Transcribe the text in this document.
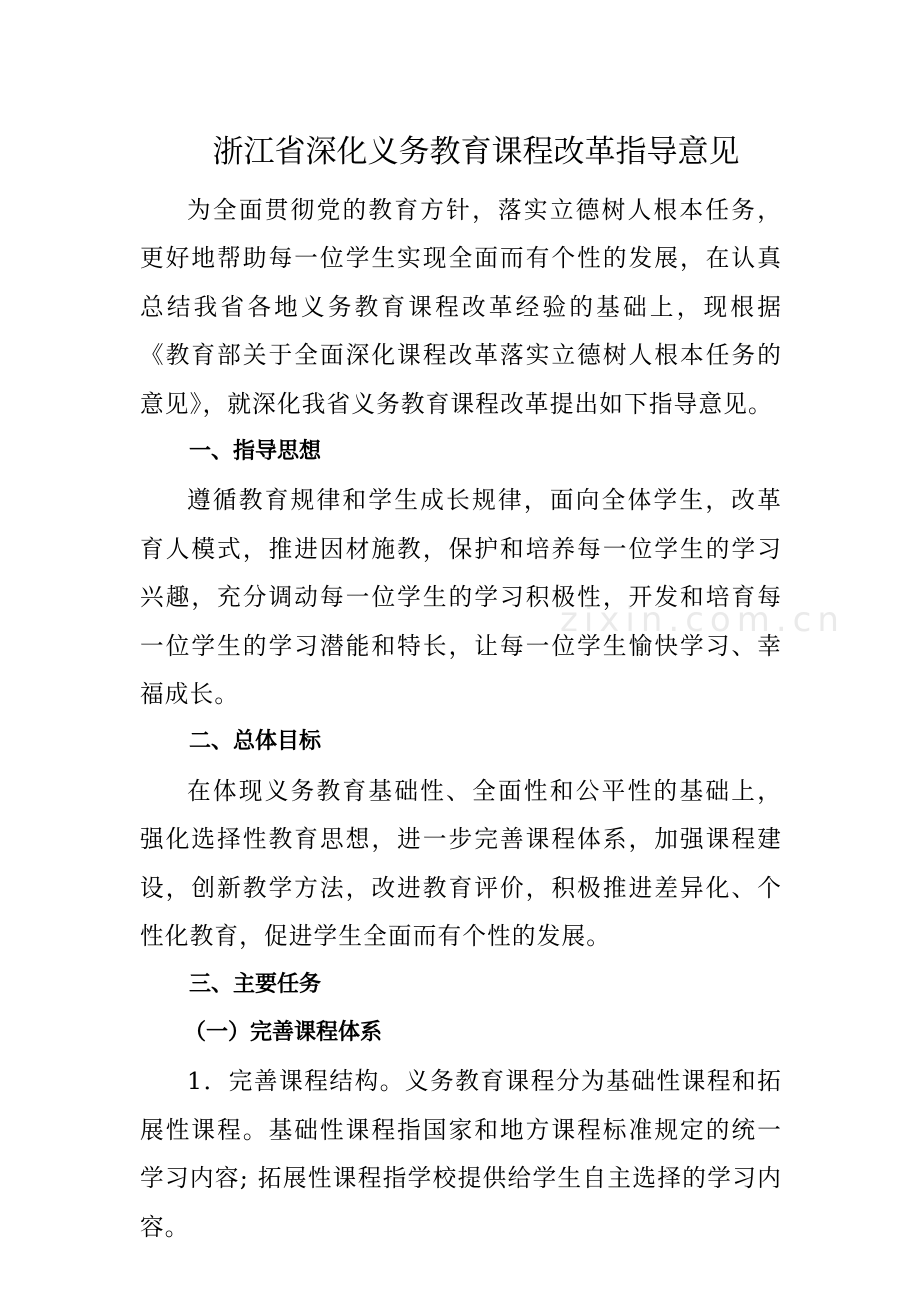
zixin.com.cn
浙江省深化义务教育课程改革指导意见

为全面贯彻党的教育方针，落实立德树人根本任务，更好地帮助每一位学生实现全面而有个性的发展，在认真总结我省各地义务教育课程改革经验的基础上，现根据《教育部关于全面深化课程改革落实立德树人根本任务的意见》，就深化我省义务教育课程改革提出如下指导意见。

一、指导思想

遵循教育规律和学生成长规律，面向全体学生，改革育人模式，推进因材施教，保护和培养每一位学生的学习兴趣，充分调动每一位学生的学习积极性，开发和培育每一位学生的学习潜能和特长，让每一位学生愉快学习、幸福成长。

二、总体目标

在体现义务教育基础性、全面性和公平性的基础上，强化选择性教育思想，进一步完善课程体系，加强课程建设，创新教学方法，改进教育评价，积极推进差异化、个性化教育，促进学生全面而有个性的发展。

三、主要任务
（一）完善课程体系

1．完善课程结构。义务教育课程分为基础性课程和拓展性课程。基础性课程指国家和地方课程标准规定的统一学习内容; 拓展性课程指学校提供给学生自主选择的学习内容。
